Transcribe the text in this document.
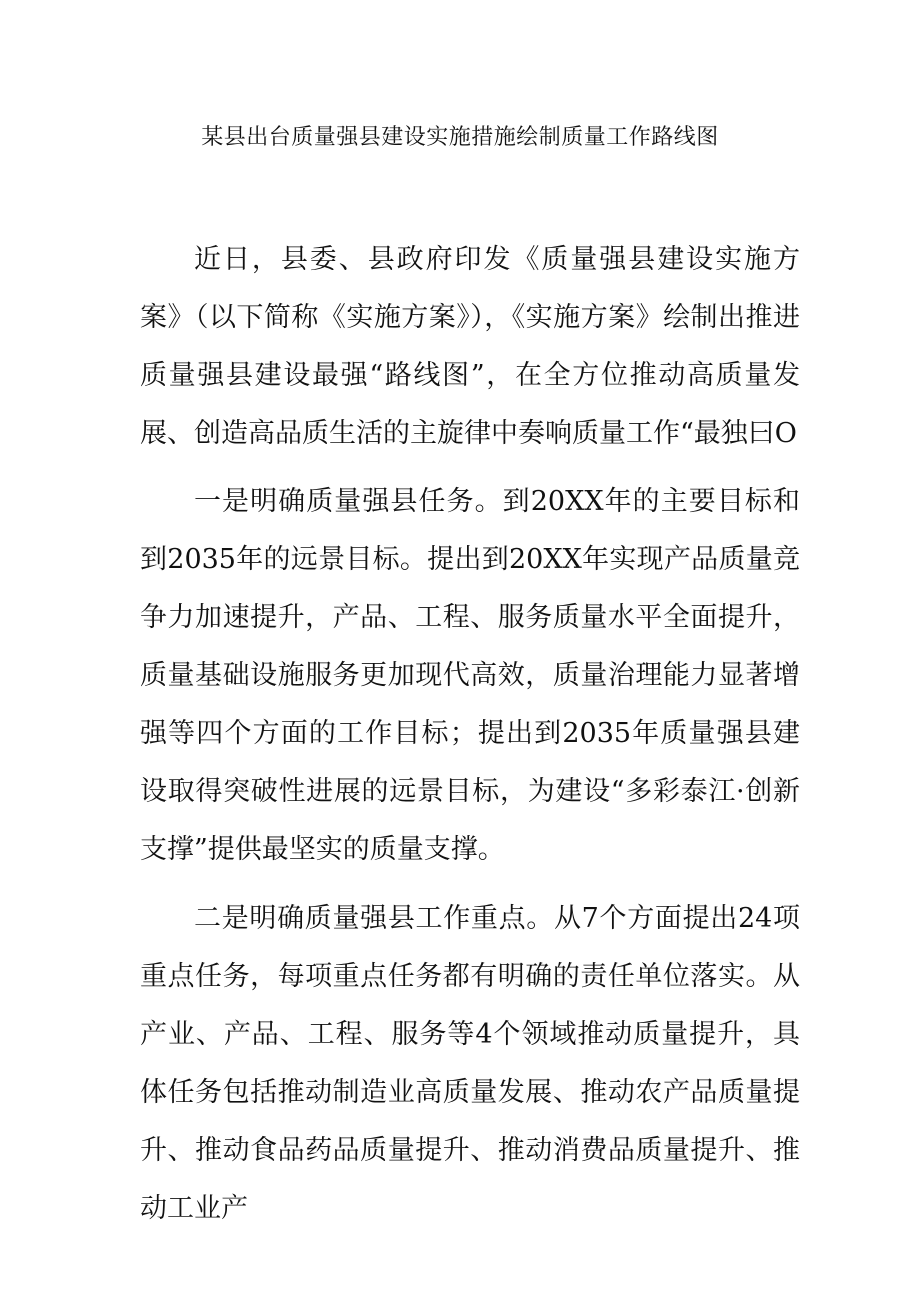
某县出台质量强县建设实施措施绘制质量工作路线图

近日，县委、县政府印发《质量强县建设实施方案》（以下简称《实施方案》），《实施方案》绘制出推进质量强县建设最强“路线图”，在全方位推动高质量发展、创造高品质生活的主旋律中奏响质量工作“最独曰O

一是明确质量强县任务。到20XX年的主要目标和到2035年的远景目标。提出到20XX年实现产品质量竞争力加速提升，产品、工程、服务质量水平全面提升，质量基础设施服务更加现代高效，质量治理能力显著增强等四个方面的工作目标；提出到2035年质量强县建设取得突破性进展的远景目标，为建设“多彩泰江·创新支撑”提供最坚实的质量支撑。

二是明确质量强县工作重点。从7个方面提出24项重点任务，每项重点任务都有明确的责任单位落实。从产业、产品、工程、服务等4个领域推动质量提升，具体任务包括推动制造业高质量发展、推动农产品质量提升、推动食品药品质量提升、推动消费品质量提升、推动工业产
